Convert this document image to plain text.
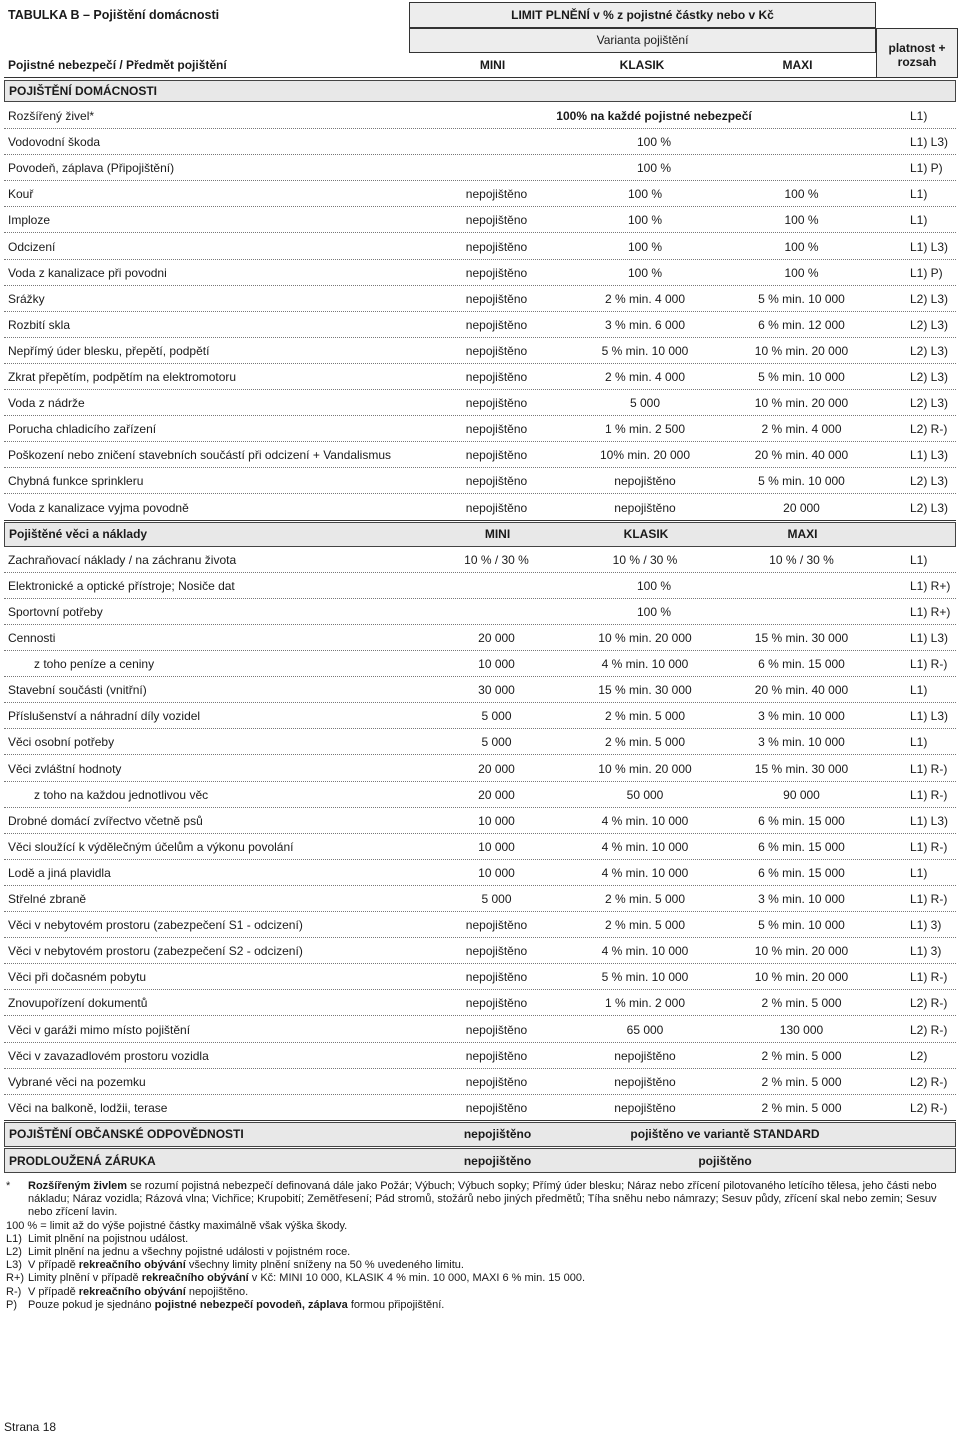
TABULKA B – Pojištění domácnosti	LIMIT PLNĚNÍ v % z pojistné částky nebo v Kč
Varianta pojištění
platnost +
rozsah
Pojistné nebezpečí / Předmět pojištění	MINI	KLASIK	MAXI
POJIŠTĚNÍ DOMÁCNOSTI
Rozšířený živel*	100% na každé pojistné nebezpečí	L1)
Vodovodní škoda	100 %	L1) L3)
Povodeň, záplava (Připojištění)	100 %	L1) P)
Kouř	nepojištěno	100 %	100 %	L1)
Imploze	nepojištěno	100 %	100 %	L1)
Odcizení	nepojištěno	100 %	100 %	L1) L3)
Voda z kanalizace při povodni	nepojištěno	100 %	100 %	L1) P)
Srážky	nepojištěno	2 % min. 4 000	5 % min. 10 000	L2) L3)
Rozbití skla	nepojištěno	3 % min. 6 000	6 % min. 12 000	L2) L3)
Nepřímý úder blesku, přepětí, podpětí	nepojištěno	5 % min. 10 000	10 % min. 20 000	L2) L3)
Zkrat přepětím, podpětím na elektromotoru	nepojištěno	2 % min. 4 000	5 % min. 10 000	L2) L3)
Voda z nádrže	nepojištěno	5 000	10 % min. 20 000	L2) L3)
Porucha chladicího zařízení	nepojištěno	1 % min. 2 500	2 % min. 4 000	L2) R-)
Poškození nebo zničení stavebních součástí při odcizení + Vandalismus	nepojištěno	10% min. 20 000	20 % min. 40 000	L1) L3)
Chybná funkce sprinkleru	nepojištěno	nepojištěno	5 % min. 10 000	L2) L3)
Voda z kanalizace vyjma povodně	nepojištěno	nepojištěno	20 000	L2) L3)
Pojištěné věci a náklady	MINI	KLASIK	MAXI
Zachraňovací náklady / na záchranu života	10 % / 30 %	10 % / 30 %	10 % / 30 %	L1)
Elektronické a optické přístroje; Nosiče dat	100 %	L1) R+)
Sportovní potřeby	100 %	L1) R+)
Cennosti	20 000	10 % min. 20 000	15 % min. 30 000	L1) L3)
z toho peníze a ceniny	10 000	4 % min. 10 000	6 % min. 15 000	L1) R-)
Stavební součásti (vnitřní)	30 000	15 % min. 30 000	20 % min. 40 000	L1)
Příslušenství a náhradní díly vozidel	5 000	2 % min. 5 000	3 % min. 10 000	L1) L3)
Věci osobní potřeby	5 000	2 % min. 5 000	3 % min. 10 000	L1)
Věci zvláštní hodnoty	20 000	10 % min. 20 000	15 % min. 30 000	L1) R-)
z toho na každou jednotlivou věc	20 000	50 000	90 000	L1) R-)
Drobné domácí zvířectvo včetně psů	10 000	4 % min. 10 000	6 % min. 15 000	L1) L3)
Věci sloužící k výdělečným účelům a výkonu povolání	10 000	4 % min. 10 000	6 % min. 15 000	L1) R-)
Lodě a jiná plavidla	10 000	4 % min. 10 000	6 % min. 15 000	L1)
Střelné zbraně	5 000	2 % min. 5 000	3 % min. 10 000	L1) R-)
Věci v nebytovém prostoru (zabezpečení S1 - odcizení)	nepojištěno	2 % min. 5 000	5 % min. 10 000	L1) 3)
Věci v nebytovém prostoru (zabezpečení S2 - odcizení)	nepojištěno	4 % min. 10 000	10 % min. 20 000	L1) 3)
Věci při dočasném pobytu	nepojištěno	5 % min. 10 000	10 % min. 20 000	L1) R-)
Znovupořízení dokumentů	nepojištěno	1 % min. 2 000	2 % min. 5 000	L2) R-)
Věci v garáži mimo místo pojištění	nepojištěno	65 000	130 000	L2) R-)
Věci v zavazadlovém prostoru vozidla	nepojištěno	nepojištěno	2 % min. 5 000	L2)
Vybrané věci na pozemku	nepojištěno	nepojištěno	2 % min. 5 000	L2) R-)
Věci na balkoně, lodžii, terase	nepojištěno	nepojištěno	2 % min. 5 000	L2) R-)
POJIŠTĚNÍ OBČANSKÉ ODPOVĚDNOSTI	nepojištěno	pojištěno ve variantě STANDARD
PRODLOUŽENÁ ZÁRUKA	nepojištěno	pojištěno
* Rozšířeným živlem se rozumí pojistná nebezpečí definovaná dále jako Požár; Výbuch; Výbuch sopky; Přímý úder blesku; Náraz nebo zřícení pilotovaného letícího tělesa, jeho části nebo nákladu; Náraz vozidla; Rázová vlna; Vichřice; Krupobití; Zemětřesení; Pád stromů, stožárů nebo jiných předmětů; Tíha sněhu nebo námrazy; Sesuv půdy, zřícení skal nebo zemin; Sesuv nebo zřícení lavin.
100 % = limit až do výše pojistné částky maximálně však výška škody.
L1) Limit plnění na pojistnou událost.
L2) Limit plnění na jednu a všechny pojistné události v pojistném roce.
L3) V případě rekreačního obývání všechny limity plnění sníženy na 50 % uvedeného limitu.
R+) Limity plnění v případě rekreačního obývání v Kč: MINI 10 000, KLASIK 4 % min. 10 000, MAXI 6 % min. 15 000.
R-) V případě rekreačního obývání nepojištěno.
P) Pouze pokud je sjednáno pojistné nebezpečí povodeň, záplava formou připojištění.
Strana 18
